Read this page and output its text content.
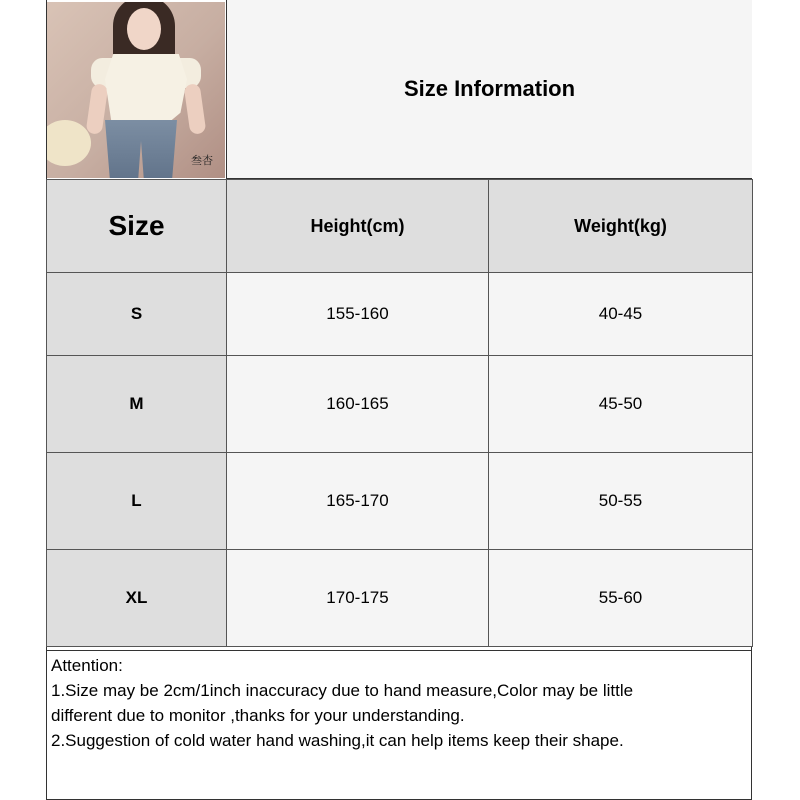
叁杏
Size Information
Size	Height(cm)	Weight(kg)
S	155-160	40-45
M	160-165	45-50
L	165-170	50-55
XL	170-175	55-60
Attention:
1.Size may be 2cm/1inch inaccuracy due to hand measure,Color may be little
different due to monitor ,thanks for your understanding.
2.Suggestion of cold water hand washing,it can help items keep their shape.
